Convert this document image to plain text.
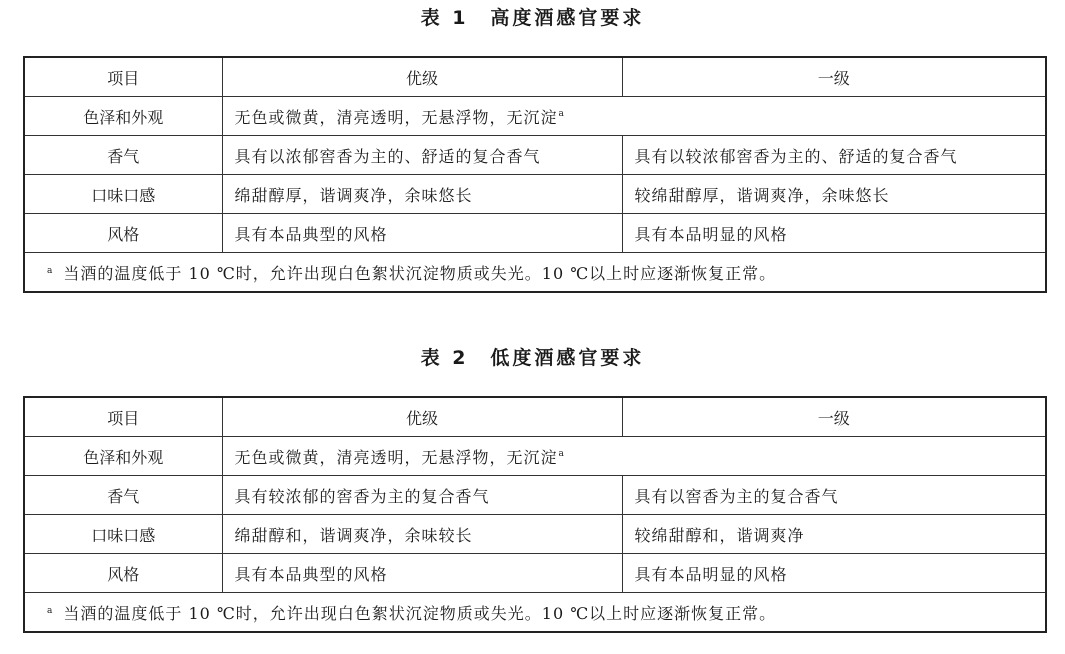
表 1　高度酒感官要求
项目	优级	一级
色泽和外观	无色或微黄，清亮透明，无悬浮物，无沉淀$^a$
香气	具有以浓郁窖香为主的、舒适的复合香气	具有以较浓郁窖香为主的、舒适的复合香气
口味口感	绵甜醇厚，谐调爽净，余味悠长	较绵甜醇厚，谐调爽净，余味悠长
风格	具有本品典型的风格	具有本品明显的风格
$^a$ 当酒的温度低于 10 ℃时，允许出现白色絮状沉淀物质或失光。10 ℃以上时应逐渐恢复正常。		
表 2　低度酒感官要求
项目	优级	一级
色泽和外观	无色或微黄，清亮透明，无悬浮物，无沉淀$^a$
香气	具有较浓郁的窖香为主的复合香气	具有以窖香为主的复合香气
口味口感	绵甜醇和，谐调爽净，余味较长	较绵甜醇和，谐调爽净
风格	具有本品典型的风格	具有本品明显的风格
$^a$ 当酒的温度低于 10 ℃时，允许出现白色絮状沉淀物质或失光。10 ℃以上时应逐渐恢复正常。		
